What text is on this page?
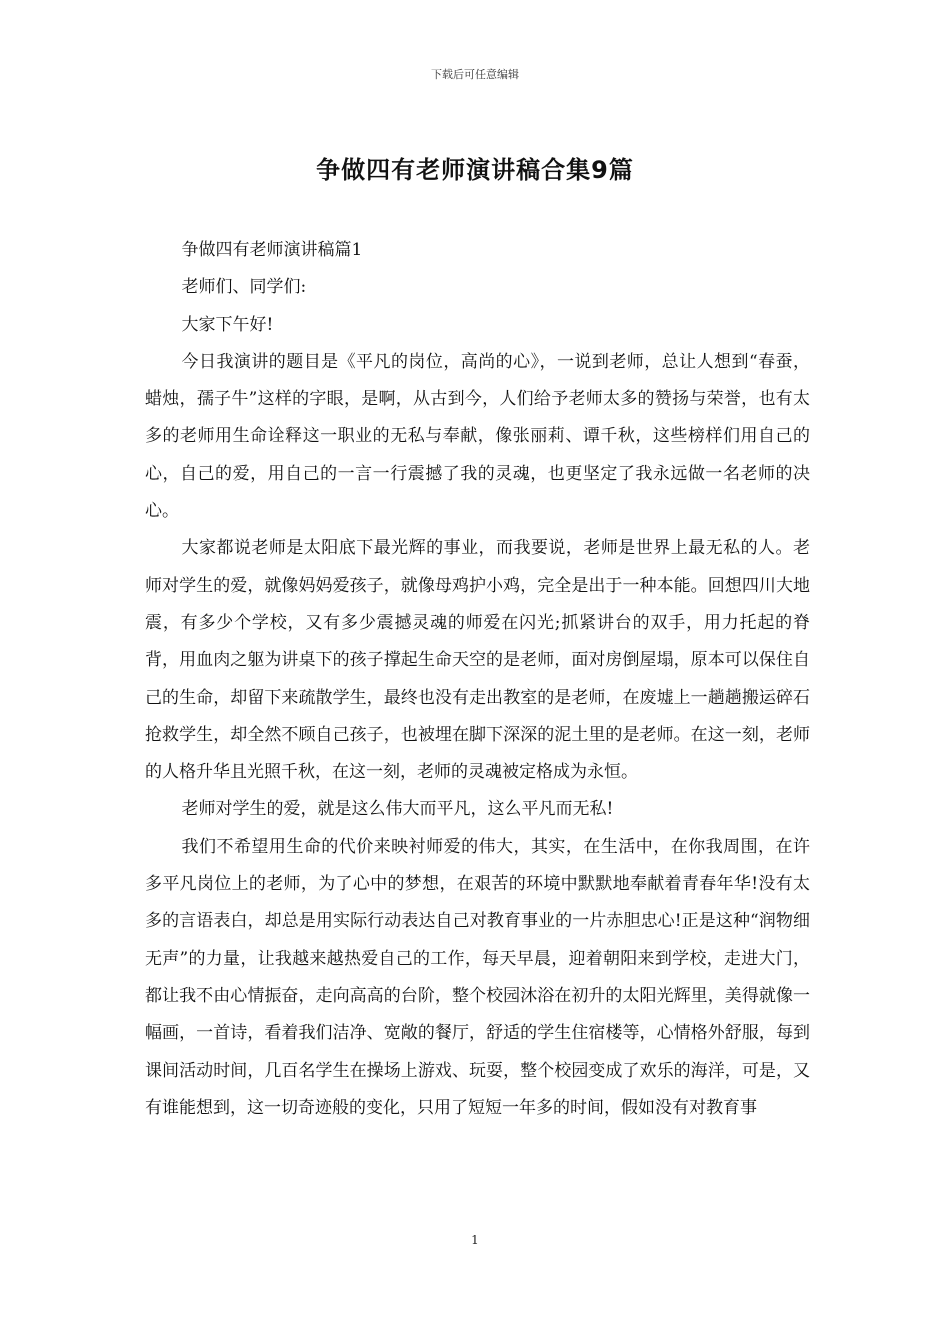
下载后可任意编辑
争做四有老师演讲稿合集9篇

争做四有老师演讲稿篇1

老师们、同学们:

大家下午好!

今日我演讲的题目是《平凡的岗位，高尚的心》，一说到老师，总让人想到“春蚕，蜡烛，孺子牛”这样的字眼，是啊，从古到今，人们给予老师太多的赞扬与荣誉，也有太多的老师用生命诠释这一职业的无私与奉献，像张丽莉、谭千秋，这些榜样们用自己的心，自己的爱，用自己的一言一行震撼了我的灵魂，也更坚定了我永远做一名老师的决心。

大家都说老师是太阳底下最光辉的事业，而我要说，老师是世界上最无私的人。老师对学生的爱，就像妈妈爱孩子，就像母鸡护小鸡，完全是出于一种本能。回想四川大地震，有多少个学校，又有多少震撼灵魂的师爱在闪光;抓紧讲台的双手，用力托起的脊背，用血肉之躯为讲桌下的孩子撑起生命天空的是老师，面对房倒屋塌，原本可以保住自己的生命，却留下来疏散学生，最终也没有走出教室的是老师，在废墟上一趟趟搬运碎石抢救学生，却全然不顾自己孩子，也被埋在脚下深深的泥土里的是老师。在这一刻，老师的人格升华且光照千秋，在这一刻，老师的灵魂被定格成为永恒。

老师对学生的爱，就是这么伟大而平凡，这么平凡而无私!

我们不希望用生命的代价来映衬师爱的伟大，其实，在生活中，在你我周围，在许多平凡岗位上的老师，为了心中的梦想，在艰苦的环境中默默地奉献着青春年华!没有太多的言语表白，却总是用实际行动表达自己对教育事业的一片赤胆忠心!正是这种“润物细无声”的力量，让我越来越热爱自己的工作，每天早晨，迎着朝阳来到学校，走进大门，都让我不由心情振奋，走向高高的台阶，整个校园沐浴在初升的太阳光辉里，美得就像一幅画，一首诗，看着我们洁净、宽敞的餐厅，舒适的学生住宿楼等，心情格外舒服，每到课间活动时间，几百名学生在操场上游戏、玩耍，整个校园变成了欢乐的海洋，可是，又有谁能想到，这一切奇迹般的变化，只用了短短一年多的时间，假如没有对教育事

1
